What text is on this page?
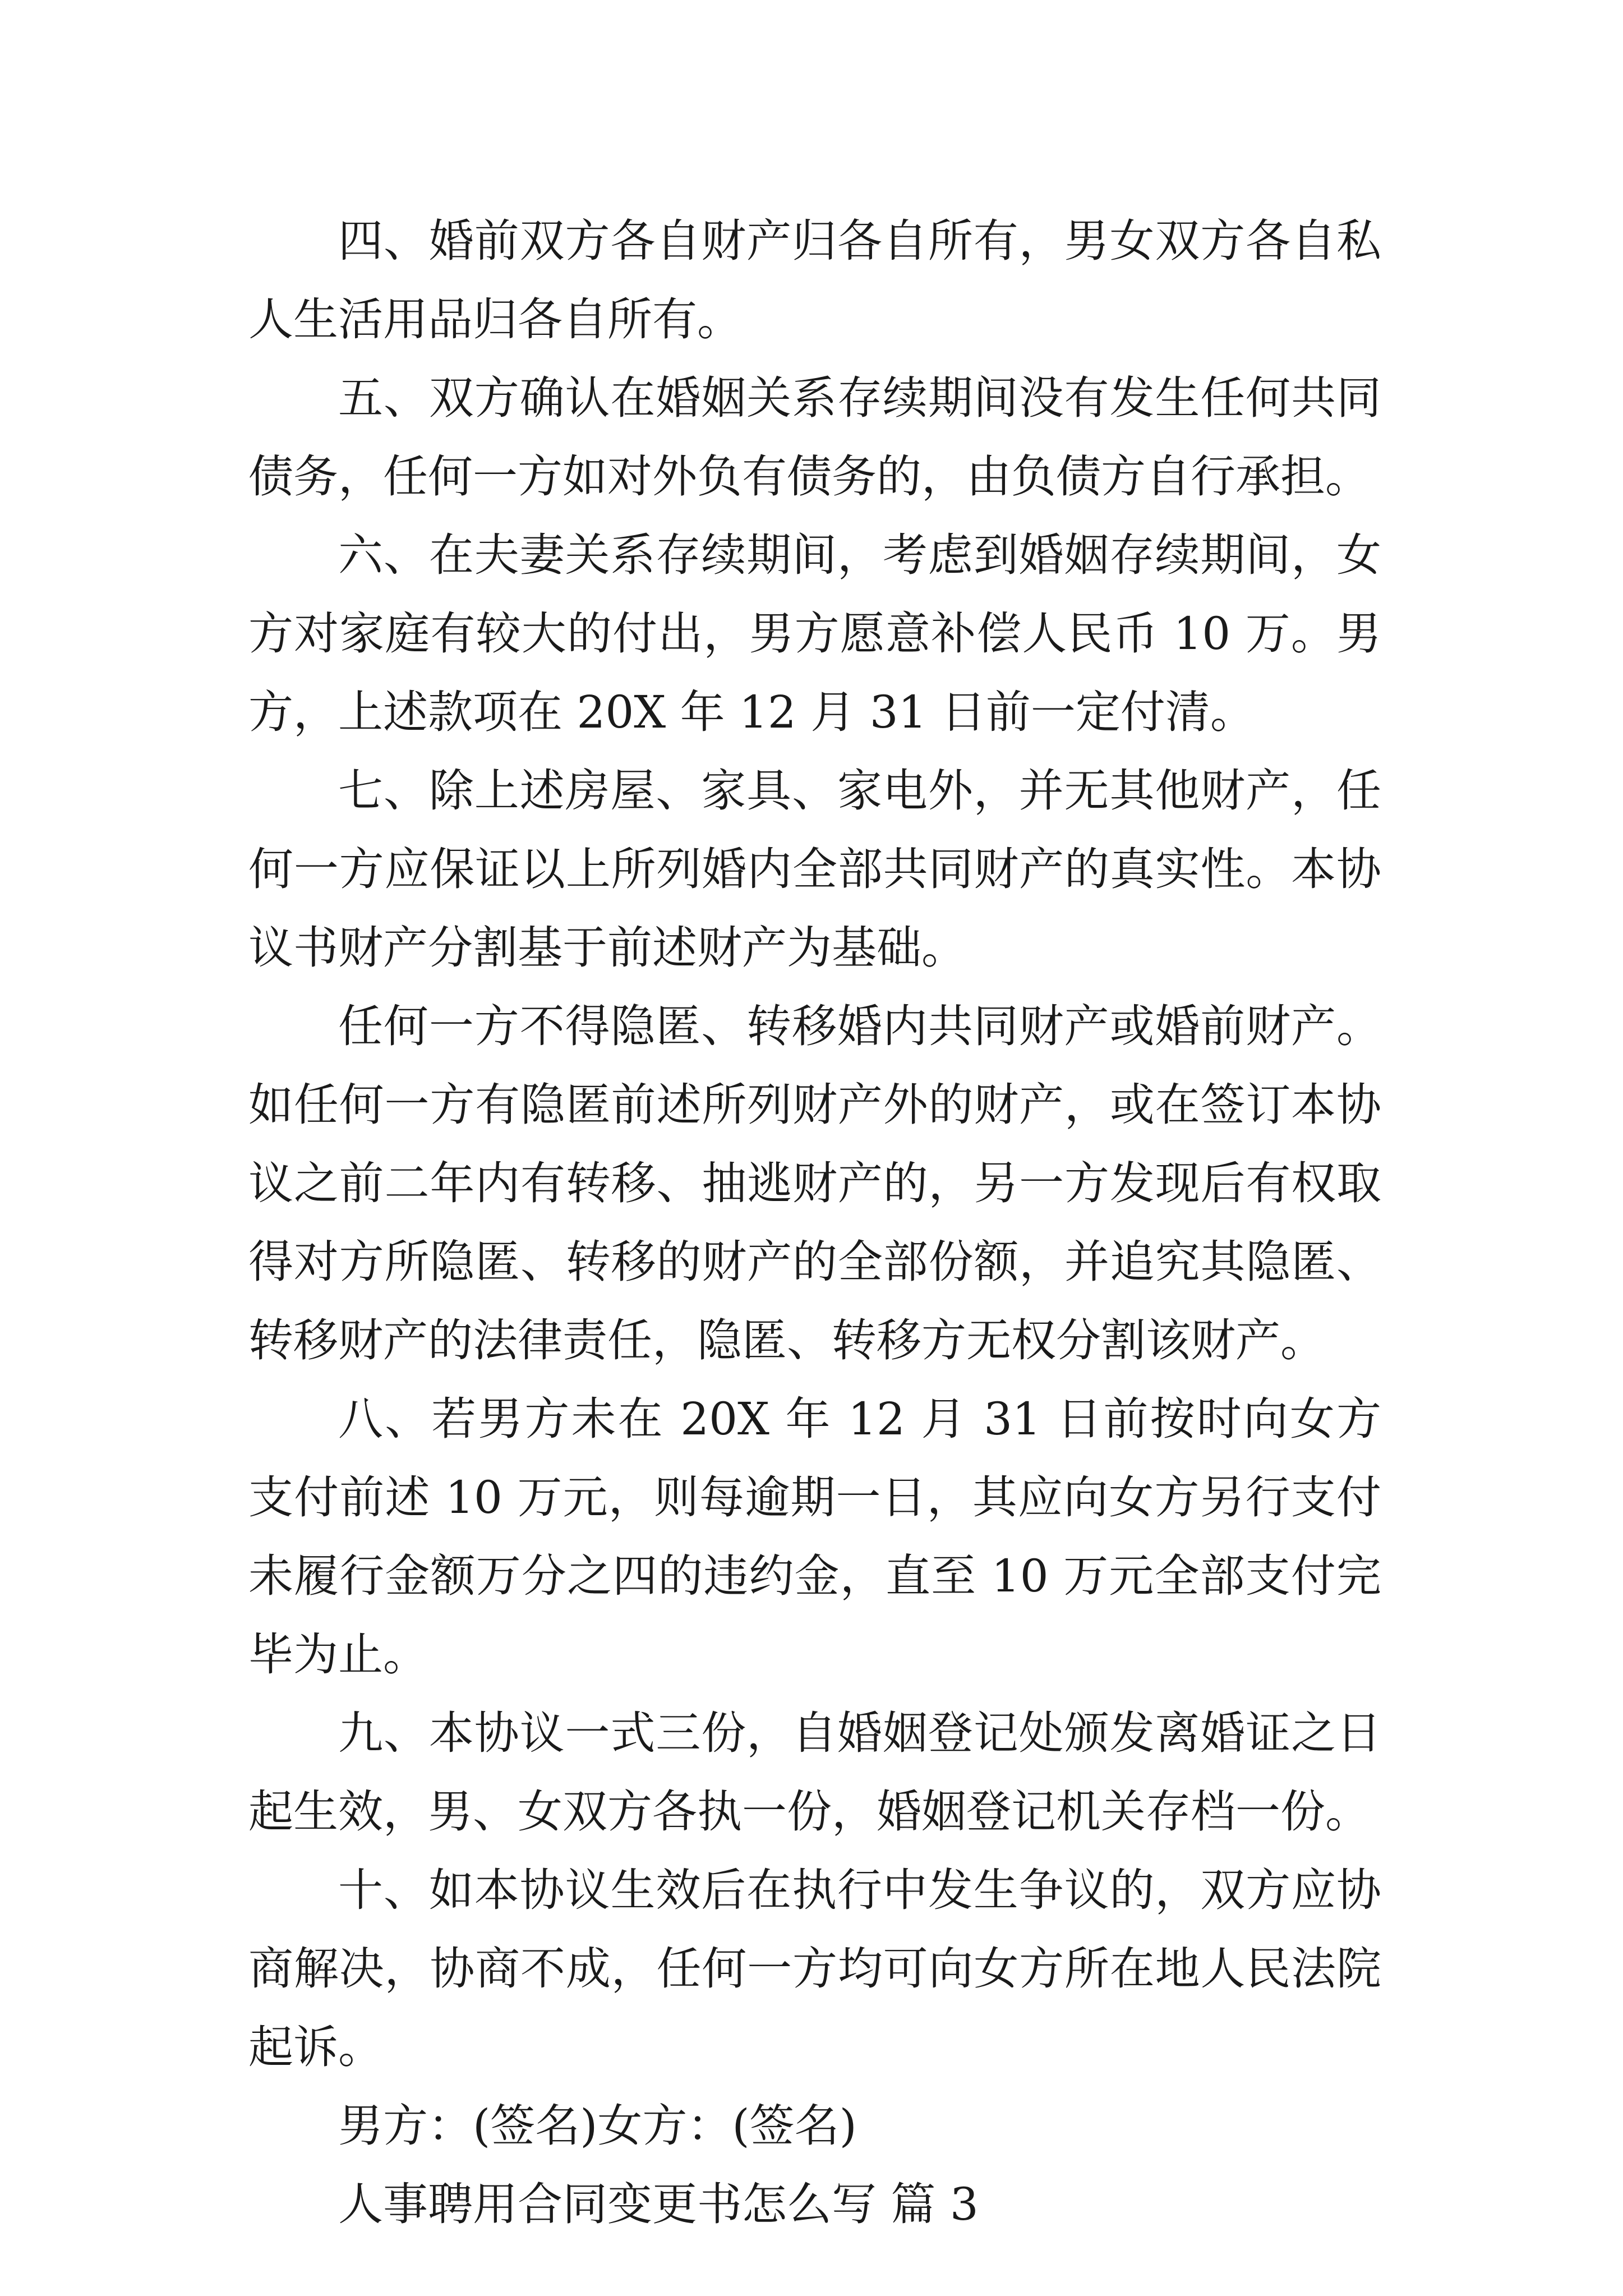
四、婚前双方各自财产归各自所有，男女双方各自私人生活用品归各自所有。

五、双方确认在婚姻关系存续期间没有发生任何共同债务，任何一方如对外负有债务的，由负债方自行承担。

六、在夫妻关系存续期间，考虑到婚姻存续期间，女方对家庭有较大的付出，男方愿意补偿人民币 10 万。男方，上述款项在 20X 年 12 月 31 日前一定付清。

七、除上述房屋、家具、家电外，并无其他财产，任何一方应保证以上所列婚内全部共同财产的真实性。本协议书财产分割基于前述财产为基础。

任何一方不得隐匿、转移婚内共同财产或婚前财产。如任何一方有隐匿前述所列财产外的财产，或在签订本协议之前二年内有转移、抽逃财产的，另一方发现后有权取得对方所隐匿、转移的财产的全部份额，并追究其隐匿、转移财产的法律责任，隐匿、转移方无权分割该财产。

八、若男方未在 20X 年 12 月 31 日前按时向女方支付前述 10 万元，则每逾期一日，其应向女方另行支付未履行金额万分之四的违约金，直至 10 万元全部支付完毕为止。

九、本协议一式三份，自婚姻登记处颁发离婚证之日起生效，男、女双方各执一份，婚姻登记机关存档一份。

十、如本协议生效后在执行中发生争议的，双方应协商解决，协商不成，任何一方均可向女方所在地人民法院起诉。

男方：(签名)女方：(签名)

人事聘用合同变更书怎么写 篇 3
